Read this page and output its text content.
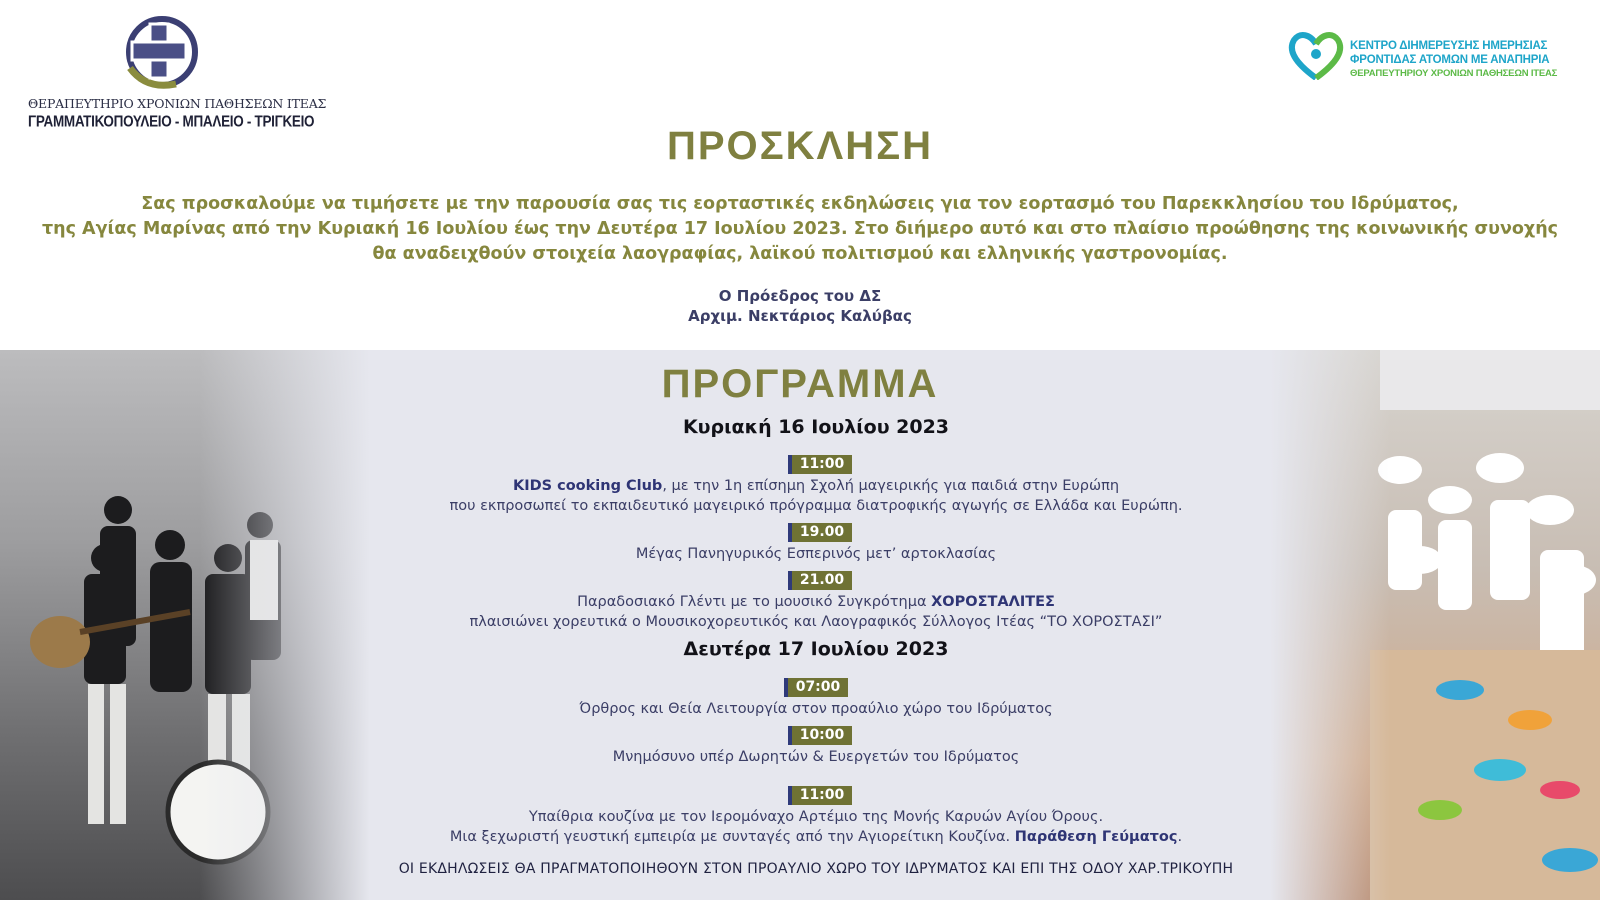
ΘΕΡΑΠΕΥΤΗΡΙΟ ΧΡΟΝΙΩΝ ΠΑΘΗΣΕΩΝ ΙΤΕΑΣ
ΓΡΑΜΜΑΤΙΚΟΠΟΥΛΕΙΟ - ΜΠΑΛΕΙΟ - ΤΡΙΓΚΕΙΟ
ΚΕΝΤΡΟ ΔΙΗΜΕΡΕΥΣΗΣ ΗΜΕΡΗΣΙΑΣ
ΦΡΟΝΤΙΔΑΣ ΑΤΟΜΩΝ ΜΕ ΑΝΑΠΗΡΙΑ
ΘΕΡΑΠΕΥΤΗΡΙΟΥ ΧΡΟΝΙΩΝ ΠΑΘΗΣΕΩΝ ΙΤΕΑΣ
ΠΡΟΣΚΛΗΣΗ
Σας προσκαλούμε να τιμήσετε με την παρουσία σας τις εορταστικές εκδηλώσεις για τον εορτασμό του Παρεκκλησίου του Ιδρύματος,
της Αγίας Μαρίνας από την Κυριακή 16 Ιουλίου έως την Δευτέρα 17 Ιουλίου 2023. Στο διήμερο αυτό και στο πλαίσιο προώθησης της κοινωνικής συνοχής
θα αναδειχθούν στοιχεία λαογραφίας, λαϊκού πολιτισμού και ελληνικής γαστρονομίας.
Ο Πρόεδρος του ΔΣ
Αρχιμ. Νεκτάριος Καλύβας
ΠΡΟΓΡΑΜΜΑ
Κυριακή 16 Ιουλίου 2023
11:00
KIDS cooking Club, με την 1η επίσημη Σχολή μαγειρικής για παιδιά στην Ευρώπη
που εκπροσωπεί το εκπαιδευτικό μαγειρικό πρόγραμμα διατροφικής αγωγής σε Ελλάδα και Ευρώπη.
19.00
Μέγας Πανηγυρικός Εσπερινός μετ’ αρτοκλασίας
21.00
Παραδοσιακό Γλέντι με το μουσικό Συγκρότημα ΧΟΡΟΣΤΑΛΙΤΕΣ
πλαισιώνει χορευτικά ο Μουσικοχορευτικός και Λαογραφικός Σύλλογος Ιτέας “ΤΟ ΧΟΡΟΣΤΑΣΙ”
Δευτέρα 17 Ιουλίου 2023
07:00
Όρθρος και Θεία Λειτουργία στον προαύλιο χώρο του Ιδρύματος
10:00
Μνημόσυνο υπέρ Δωρητών & Ευεργετών του Ιδρύματος
11:00
Υπαίθρια κουζίνα με τον Ιερομόναχο Αρτέμιο της Μονής Καρυών Αγίου Όρους.
Μια ξεχωριστή γευστική εμπειρία με συνταγές από την Αγιορείτικη Κουζίνα. Παράθεση Γεύματος.
ΟΙ ΕΚΔΗΛΩΣΕΙΣ ΘΑ ΠΡΑΓΜΑΤΟΠΟΙΗΘΟΥΝ ΣΤΟΝ ΠΡΟΑΥΛΙΟ ΧΩΡΟ ΤΟΥ ΙΔΡΥΜΑΤΟΣ ΚΑΙ ΕΠΙ ΤΗΣ ΟΔΟΥ ΧΑΡ.ΤΡΙΚΟΥΠΗ
